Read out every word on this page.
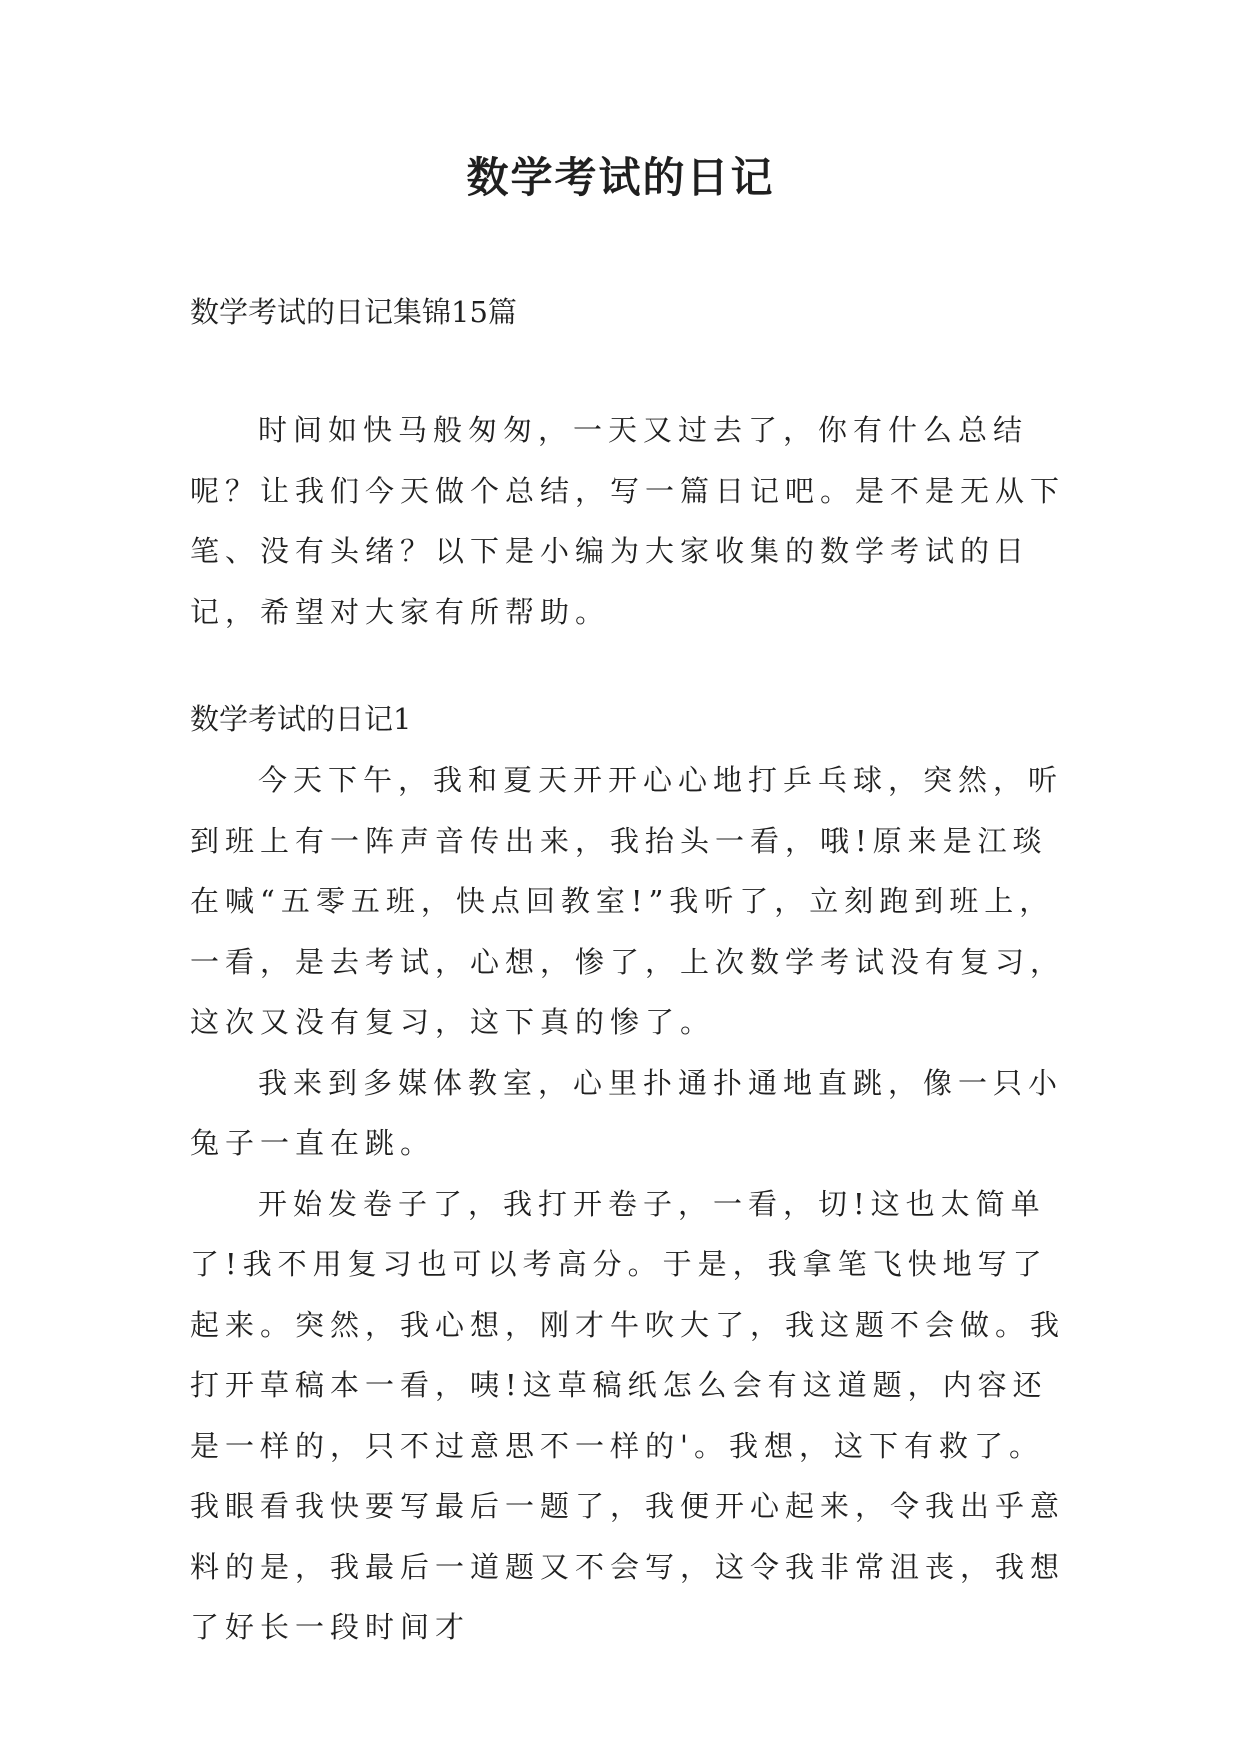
数学考试的日记

数学考试的日记集锦15篇

时间如快马般匆匆，一天又过去了，你有什么总结呢？让我们今天做个总结，写一篇日记吧。是不是无从下笔、没有头绪？以下是小编为大家收集的数学考试的日记，希望对大家有所帮助。

数学考试的日记1

今天下午，我和夏天开开心心地打乒乓球，突然，听到班上有一阵声音传出来，我抬头一看，哦!原来是江琰在喊“五零五班，快点回教室!”我听了，立刻跑到班上，一看，是去考试，心想，惨了，上次数学考试没有复习，这次又没有复习，这下真的惨了。

我来到多媒体教室，心里扑通扑通地直跳，像一只小兔子一直在跳。

开始发卷子了，我打开卷子，一看，切!这也太简单了!我不用复习也可以考高分。于是，我拿笔飞快地写了起来。突然，我心想，刚才牛吹大了，我这题不会做。我打开草稿本一看，咦!这草稿纸怎么会有这道题，内容还是一样的，只不过意思不一样的'。我想，这下有救了。我眼看我快要写最后一题了，我便开心起来，令我出乎意料的是，我最后一道题又不会写，这令我非常沮丧，我想了好长一段时间才
